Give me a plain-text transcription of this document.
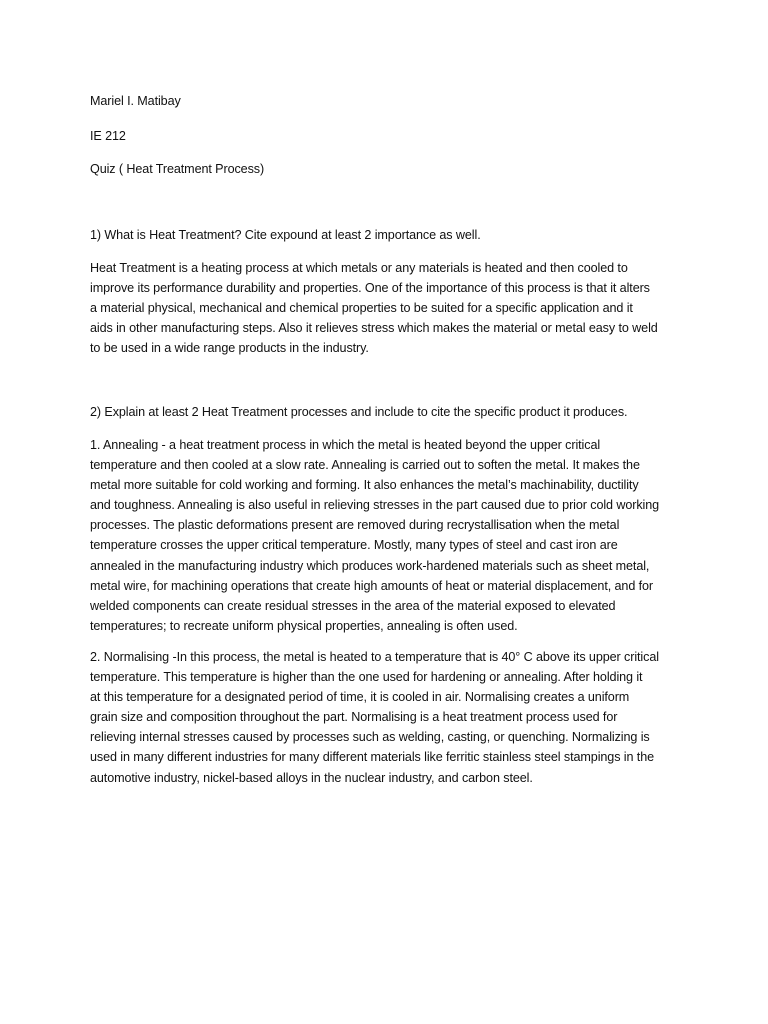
Mariel I. Matibay
IE 212
Quiz ( Heat Treatment Process)
1) What is Heat Treatment? Cite expound at least 2 importance as well.
Heat Treatment is a heating process at which metals or any materials is heated and then cooled to
improve its performance durability and properties. One of the importance of this process is that it alters
a material physical, mechanical and chemical properties to be suited for a specific application and it
aids in other manufacturing steps. Also it relieves stress which makes the material or metal easy to weld
to be used in a wide range products in the industry.
2) Explain at least 2 Heat Treatment processes and include to cite the specific product it produces.
1. Annealing - a heat treatment process in which the metal is heated beyond the upper critical
temperature and then cooled at a slow rate. Annealing is carried out to soften the metal. It makes the
metal more suitable for cold working and forming. It also enhances the metal’s machinability, ductility
and toughness. Annealing is also useful in relieving stresses in the part caused due to prior cold working
processes. The plastic deformations present are removed during recrystallisation when the metal
temperature crosses the upper critical temperature. Mostly, many types of steel and cast iron are
annealed in the manufacturing industry which produces work-hardened materials such as sheet metal,
metal wire, for machining operations that create high amounts of heat or material displacement, and for
welded components can create residual stresses in the area of the material exposed to elevated
temperatures; to recreate uniform physical properties, annealing is often used.
2. Normalising -In this process, the metal is heated to a temperature that is 40° C above its upper critical
temperature. This temperature is higher than the one used for hardening or annealing. After holding it
at this temperature for a designated period of time, it is cooled in air. Normalising creates a uniform
grain size and composition throughout the part. Normalising is a heat treatment process used for
relieving internal stresses caused by processes such as welding, casting, or quenching. Normalizing is
used in many different industries for many different materials like ferritic stainless steel stampings in the
automotive industry, nickel-based alloys in the nuclear industry, and carbon steel.
